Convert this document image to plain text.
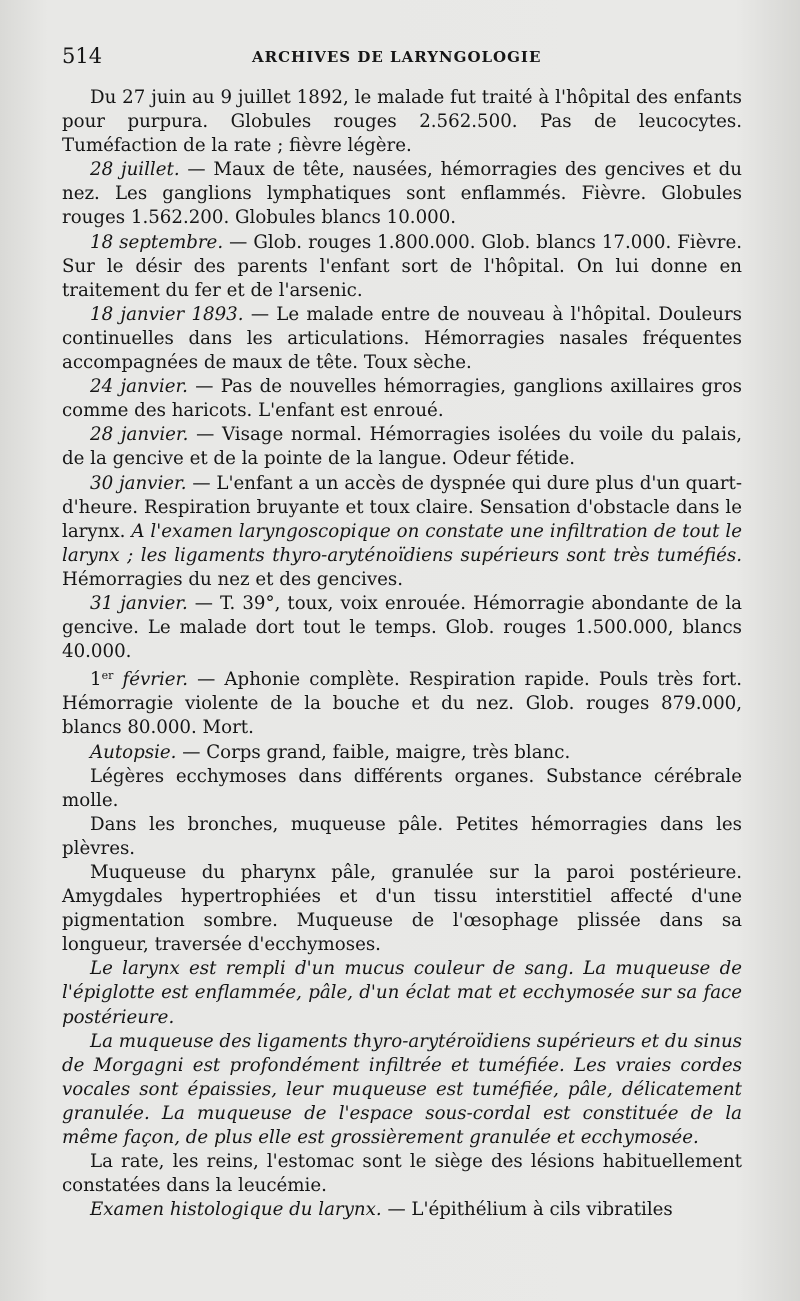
514	ARCHIVES DE LARYNGOLOGIE

Du 27 juin au 9 juillet 1892, le malade fut traité à l'hôpital des enfants pour purpura. Globules rouges 2.562.500. Pas de leucocytes. Tuméfaction de la rate ; fièvre légère.

28 juillet. — Maux de tête, nausées, hémorragies des gencives et du nez. Les ganglions lymphatiques sont enflammés. Fièvre. Globules rouges 1.562.200. Globules blancs 10.000.

18 septembre. — Glob. rouges 1.800.000. Glob. blancs 17.000. Fièvre. Sur le désir des parents l'enfant sort de l'hôpital. On lui donne en traitement du fer et de l'arsenic.

18 janvier 1893. — Le malade entre de nouveau à l'hôpital. Douleurs continuelles dans les articulations. Hémorragies nasales fréquentes accompagnées de maux de tête. Toux sèche.

24 janvier. — Pas de nouvelles hémorragies, ganglions axillaires gros comme des haricots. L'enfant est enroué.

28 janvier. — Visage normal. Hémorragies isolées du voile du palais, de la gencive et de la pointe de la langue. Odeur fétide.

30 janvier. — L'enfant a un accès de dyspnée qui dure plus d'un quart-d'heure. Respiration bruyante et toux claire. Sensation d'obstacle dans le larynx. A l'examen laryngoscopique on constate une infiltration de tout le larynx ; les ligaments thyro-aryténoïdiens supérieurs sont très tuméfiés. Hémorragies du nez et des gencives.

31 janvier. — T. 39°, toux, voix enrouée. Hémorragie abondante de la gencive. Le malade dort tout le temps. Glob. rouges 1.500.000, blancs 40.000.

1er février. — Aphonie complète. Respiration rapide. Pouls très fort. Hémorragie violente de la bouche et du nez. Glob. rouges 879.000, blancs 80.000. Mort.

Autopsie. — Corps grand, faible, maigre, très blanc.

Légères ecchymoses dans différents organes. Substance cérébrale molle.

Dans les bronches, muqueuse pâle. Petites hémorragies dans les plèvres.

Muqueuse du pharynx pâle, granulée sur la paroi postérieure. Amygdales hypertrophiées et d'un tissu interstitiel affecté d'une pigmentation sombre. Muqueuse de l'œsophage plissée dans sa longueur, traversée d'ecchymoses.

Le larynx est rempli d'un mucus couleur de sang. La muqueuse de l'épiglotte est enflammée, pâle, d'un éclat mat et ecchymosée sur sa face postérieure.

La muqueuse des ligaments thyro-arytéroïdiens supérieurs et du sinus de Morgagni est profondément infiltrée et tuméfiée. Les vraies cordes vocales sont épaissies, leur muqueuse est tuméfiée, pâle, délicatement granulée. La muqueuse de l'espace sous-cordal est constituée de la même façon, de plus elle est grossièrement granulée et ecchymosée.

La rate, les reins, l'estomac sont le siège des lésions habituellement constatées dans la leucémie.

Examen histologique du larynx. — L'épithélium à cils vibratiles
